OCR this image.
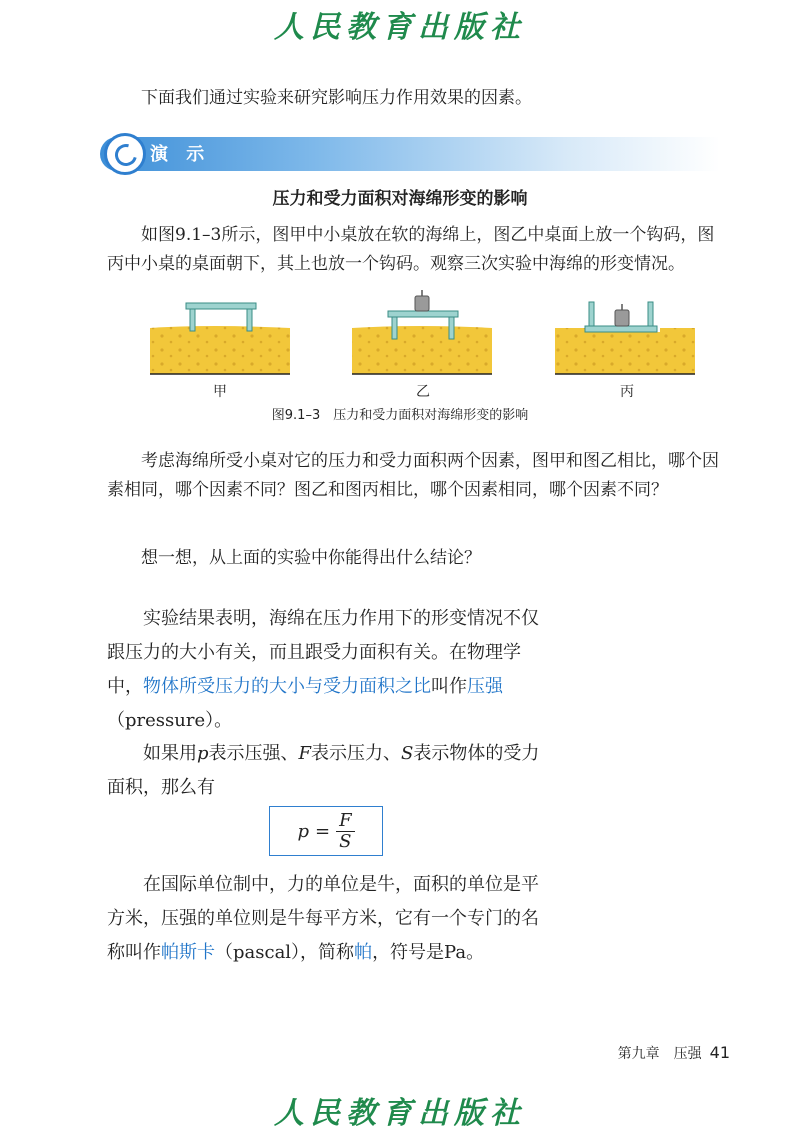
人民教育出版社

下面我们通过实验来研究影响压力作用效果的因素。

演 示
压力和受力面积对海绵形变的影响

如图9.1–3所示，图甲中小桌放在软的海绵上，图乙中桌面上放一个钩码，图丙中小桌的桌面朝下，其上也放一个钩码。观察三次实验中海绵的形变情况。

甲	乙	丙
图9.1–3　压力和受力面积对海绵形变的影响

考虑海绵所受小桌对它的压力和受力面积两个因素，图甲和图乙相比，哪个因素相同，哪个因素不同？图乙和图丙相比，哪个因素相同，哪个因素不同？

想一想，从上面的实验中你能得出什么结论？

实验结果表明，海绵在压力作用下的形变情况不仅跟压力的大小有关，而且跟受力面积有关。在物理学中，物体所受压力的大小与受力面积之比叫作压强（pressure）。

如果用p表示压强、F表示压力、S表示物体的受力面积，那么有

$p = \frac{F}{S}$

在国际单位制中，力的单位是牛，面积的单位是平方米，压强的单位则是牛每平方米，它有一个专门的名称叫作帕斯卡（pascal），简称帕，符号是Pa。

第九章　压强 41
人民教育出版社
